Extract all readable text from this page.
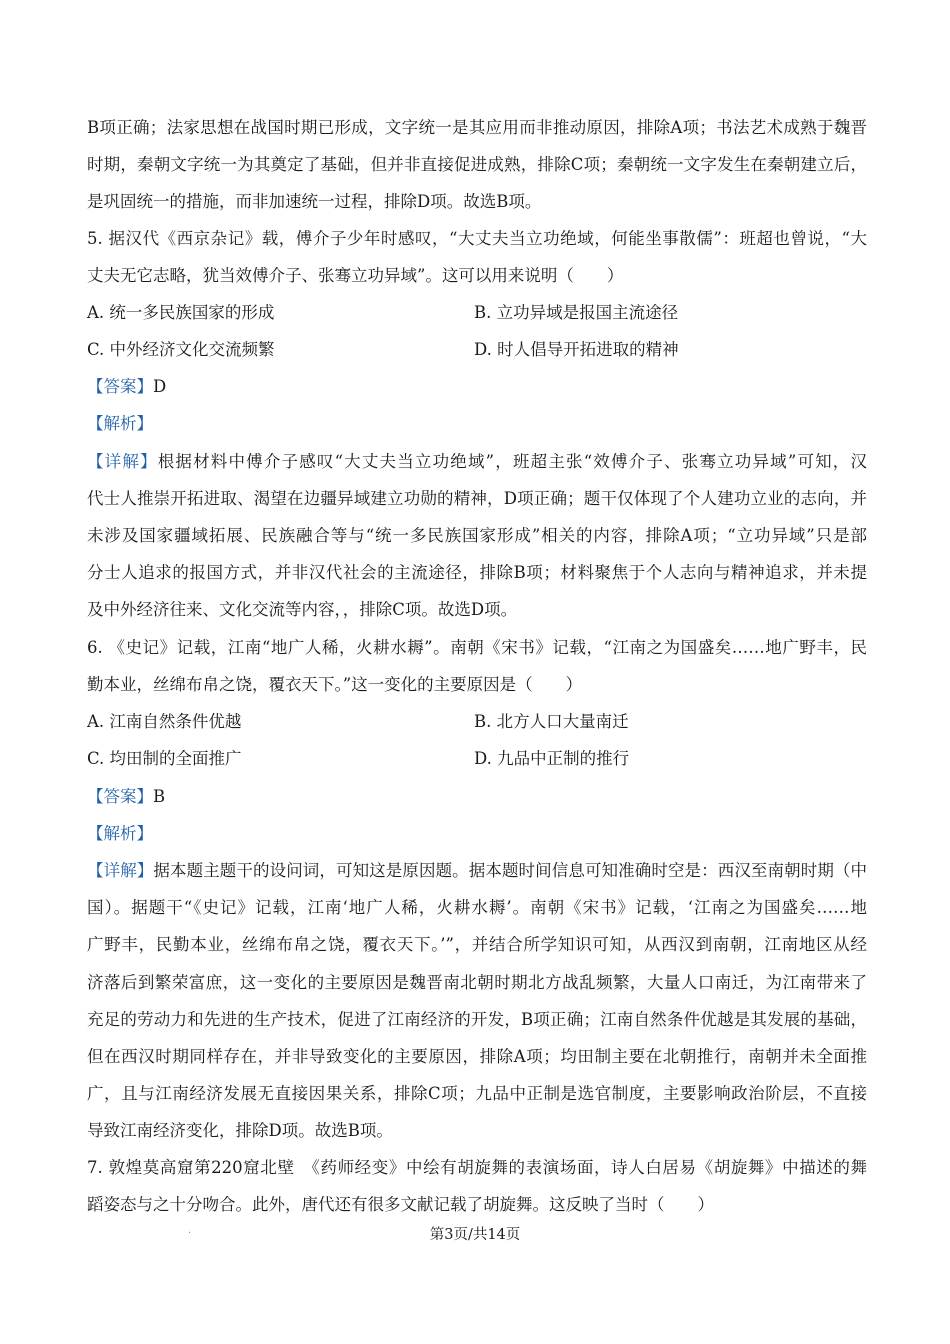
B项正确；法家思想在战国时期已形成，文字统一是其应用而非推动原因，排除A项；书法艺术成熟于魏晋
时期，秦朝文字统一为其奠定了基础，但并非直接促进成熟，排除C项；秦朝统一文字发生在秦朝建立后，
是巩固统一的措施，而非加速统一过程，排除D项。故选B项。
5. 据汉代《西京杂记》载，傅介子少年时感叹，“大丈夫当立功绝域，何能坐事散儒”：班超也曾说，“大
丈夫无它志略，犹当效傅介子、张骞立功异域”。这可以用来说明（　　）
A. 统一多民族国家的形成	B. 立功异域是报国主流途径
C. 中外经济文化交流频繁	D. 时人倡导开拓进取的精神
【答案】D
【解析】
【详解】根据材料中傅介子感叹“大丈夫当立功绝域”，班超主张“效傅介子、张骞立功异域”可知，汉
代士人推崇开拓进取、渴望在边疆异域建立功勋的精神，D项正确；题干仅体现了个人建功立业的志向，并
未涉及国家疆域拓展、民族融合等与“统一多民族国家形成”相关的内容，排除A项；“立功异域”只是部
分士人追求的报国方式，并非汉代社会的主流途径，排除B项；材料聚焦于个人志向与精神追求，并未提
及中外经济往来、文化交流等内容，，排除C项。故选D项。
6. 《史记》记载，江南“地广人稀，火耕水耨”。南朝《宋书》记载，“江南之为国盛矣……地广野丰，民
勤本业，丝绵布帛之饶，覆衣天下。”这一变化的主要原因是（　　）
A. 江南自然条件优越	B. 北方人口大量南迁
C. 均田制的全面推广	D. 九品中正制的推行
【答案】B
【解析】
【详解】据本题主题干的设问词，可知这是原因题。据本题时间信息可知准确时空是：西汉至南朝时期（中
国）。据题干“《史记》记载，江南‘地广人稀，火耕水耨’。南朝《宋书》记载，‘江南之为国盛矣……地
广野丰，民勤本业，丝绵布帛之饶，覆衣天下。’”，并结合所学知识可知，从西汉到南朝，江南地区从经
济落后到繁荣富庶，这一变化的主要原因是魏晋南北朝时期北方战乱频繁，大量人口南迁，为江南带来了
充足的劳动力和先进的生产技术，促进了江南经济的开发，B项正确；江南自然条件优越是其发展的基础，
但在西汉时期同样存在，并非导致变化的主要原因，排除A项；均田制主要在北朝推行，南朝并未全面推
广，且与江南经济发展无直接因果关系，排除C项；九品中正制是选官制度，主要影响政治阶层，不直接
导致江南经济变化，排除D项。故选B项。
7. 敦煌莫高窟第220窟北壁　《药师经变》中绘有胡旋舞的表演场面，诗人白居易《胡旋舞》中描述的舞
蹈姿态与之十分吻合。此外，唐代还有很多文献记载了胡旋舞。这反映了当时（　　）
·	第3页/共14页
